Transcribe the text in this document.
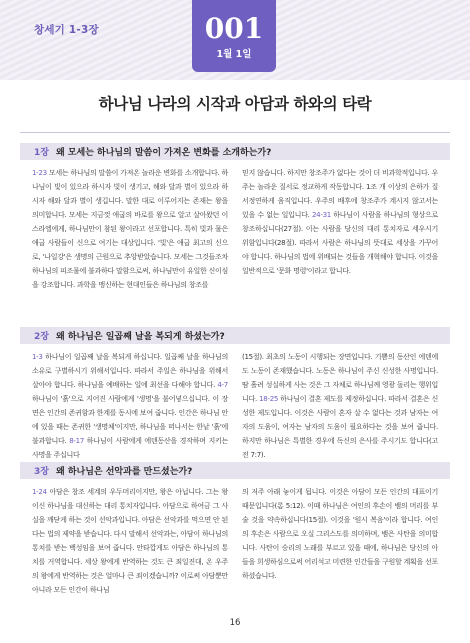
창세기 1-3장	001
1월 1일
하나님 나라의 시작과 아담과 하와의 타락
1장 왜 모세는 하나님의 말씀이 가져온 변화를 소개하는가?
1-23 모세는 하나님의 말씀이 가져온 놀라운 변화를 소개합니다. 하나님이 빛이 있으라 하시자 빛이 생기고, 해와 달과 별이 있으라 하시자 해와 달과 별이 생깁니다. 말한 대로 이루어지는 존재는 왕을 의미합니다. 모세는 지금껏 애굽의 바로를 왕으로 알고 살아왔던 이스라엘에게, 하나님만이 참된 왕이라고 선포합니다. 특히 빛과 물은 애굽 사람들이 신으로 여기는 대상입니다. '빛'은 애굽 최고의 신으로, '나일강'은 생명의 근원으로 추앙받았습니다. 모세는 그것들조차 하나님의 피조물에 불과하다 말함으로써, 하나님만이 유일한 신이심을 강조합니다. 과학을 맹신하는 현대인들은 하나님의 창조를
믿지 않습니다. 하지만 창조주가 없다는 것이 더 비과학적입니다. 우주는 놀라운 질서로 정교하게 작동합니다. 1조 개 이상의 은하가 질서정연하게 움직입니다. 우주의 배후에 창조주가 계시지 않고서는 있을 수 없는 일입니다. 24-31 하나님이 사람을 하나님의 형상으로 창조하십니다(27절). 이는 사람을 당신의 대리 통치자로 세우시기 위함입니다(28절). 따라서 사람은 하나님의 뜻대로 세상을 가꾸어야 합니다. 하나님의 법에 위배되는 것들을 개혁해야 합니다. 이것을 일반적으로 '문화 명령'이라고 합니다.
2장 왜 하나님은 일곱째 날을 복되게 하셨는가?
1-3 하나님이 일곱째 날을 복되게 하십니다. 일곱째 날을 하나님의 소유로 구별하시기 위해서입니다. 따라서 주일은 하나님을 위해서 살아야 합니다. 하나님을 예배하는 일에 최선을 다해야 합니다. 4-7 하나님이 '흙'으로 지어진 사람에게 '생명'을 불어넣으십니다. 이 장면은 인간의 존귀함과 한계를 동시에 보여 줍니다. 인간은 하나님 안에 있을 때는 존귀한 '생명체'이지만, 하나님을 떠나서는 한낱 '흙'에 불과합니다. 8-17 하나님이 사람에게 에덴동산을 경작하며 지키는 사명을 주십니다
(15절). 최초의 노동이 시행되는 장면입니다. 기쁨의 동산인 에덴에도 노동이 존재했습니다. 노동은 하나님이 주신 신성한 사명입니다. 땀 흘려 성실하게 사는 것은 그 자체로 하나님께 영광 돌리는 행위입니다. 18-25 하나님이 결혼 제도를 제정하십니다. 따라서 결혼은 신성한 제도입니다. 이것은 사람이 혼자 살 수 없다는 것과 남자는 여자의 도움이, 여자는 남자의 도움이 필요하다는 것을 보여 줍니다. 하지만 하나님은 특별한 경우에 독신의 은사를 주시기도 합니다(고전 7:7).
3장 왜 하나님은 선악과를 만드셨는가?
1-24 아담은 창조 세계의 우두머리이지만, 왕은 아닙니다. 그는 왕이신 하나님을 대신하는 대리 통치자입니다. 아담으로 하여금 그 사실을 깨닫게 하는 것이 선악과입니다. 아담은 선악과를 먹으면 안 된다는 법의 제약을 받습니다. 다시 말해서 선악과는, 아담이 하나님의 통치를 받는 백성임을 보여 줍니다. 안타깝게도 아담은 하나님의 통치를 거역합니다. 세상 왕에게 반역하는 것도 큰 죄일진대, 온 우주의 왕에게 반역하는 것은 얼마나 큰 죄이겠습니까? 이로써 아담뿐만 아니라 모든 인간이 하나님
의 저주 아래 놓이게 됩니다. 이것은 아담이 모든 인간의 대표이기 때문입니다(롬 5:12). 이때 하나님은 여인의 후손이 뱀의 머리를 부술 것을 약속하십니다(15절). 이것을 '원시 복음'이라 합니다. 여인의 후손은 사람으로 오실 그리스도를 의미하며, 뱀은 사탄을 의미합니다. 사탄이 승리의 노래를 부르고 있을 때에, 하나님은 당신의 아들을 희생하심으로써 어리석고 미련한 인간들을 구원할 계획을 선포하셨습니다.
16
